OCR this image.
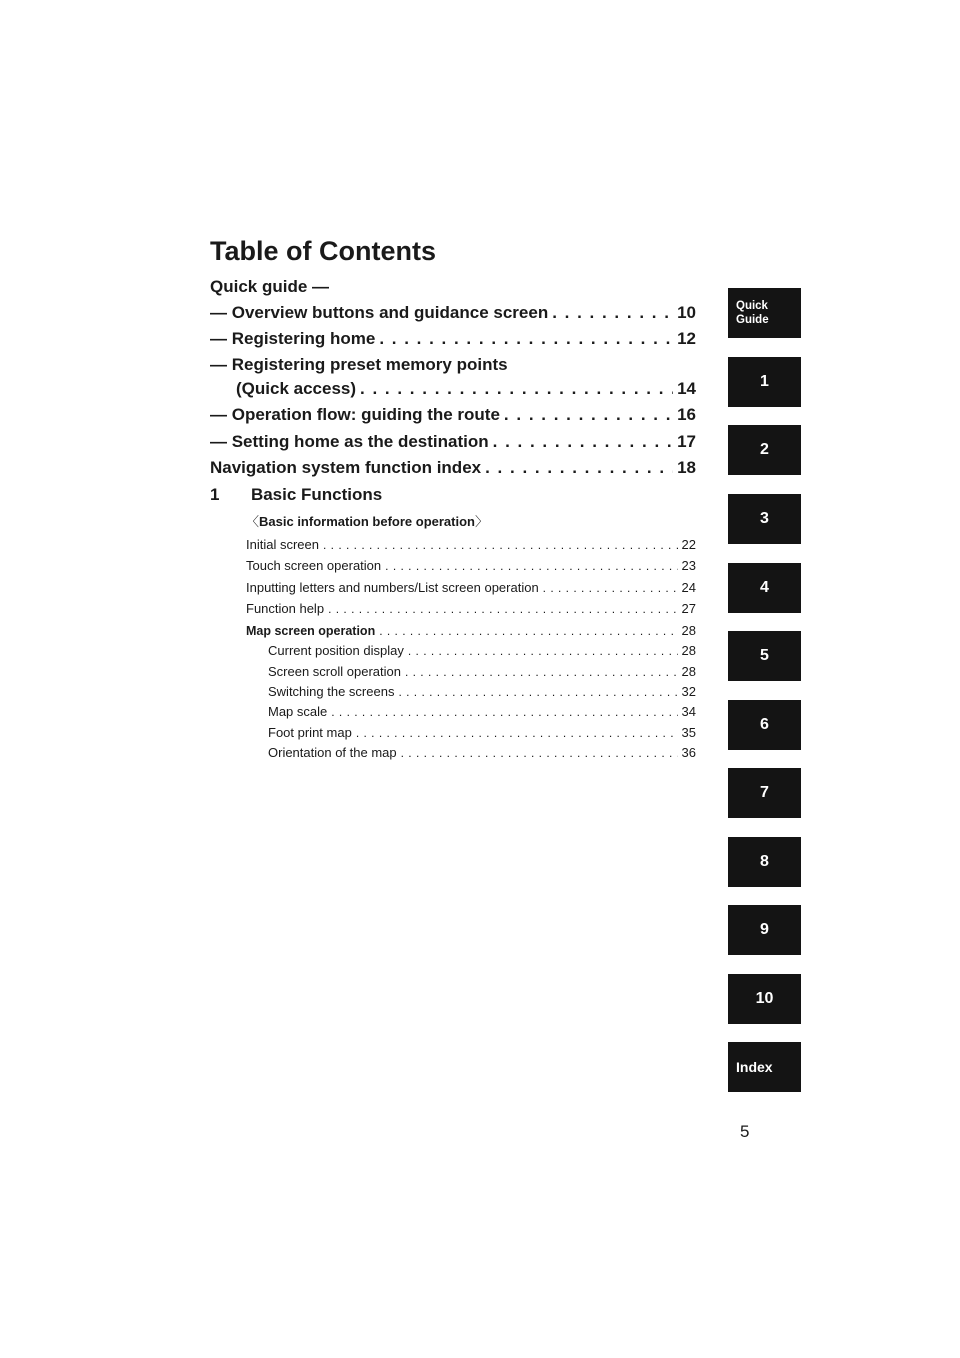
Table of Contents
Quick guide —
— Overview buttons and guidance screen . . .	10
— Registering home . . .	12
— Registering preset memory points
(Quick access) . . .	14
— Operation flow: guiding the route . . .	16
— Setting home as the destination . . .	17
Navigation system function index . . .	18
1 Basic Functions
〈Basic information before operation〉
Initial screen . . .	22
Touch screen operation . . .	23
Inputting letters and numbers/List screen operation . . .	24
Function help . . .	27
Map screen operation . . .	28
Current position display . . .	28
Screen scroll operation . . .	28
Switching the screens . . .	32
Map scale . . .	34
Foot print map . . .	35
Orientation of the map . . .	36
Quick
Guide
1
2
3
4
5
6
7
8
9
10
Index
5
